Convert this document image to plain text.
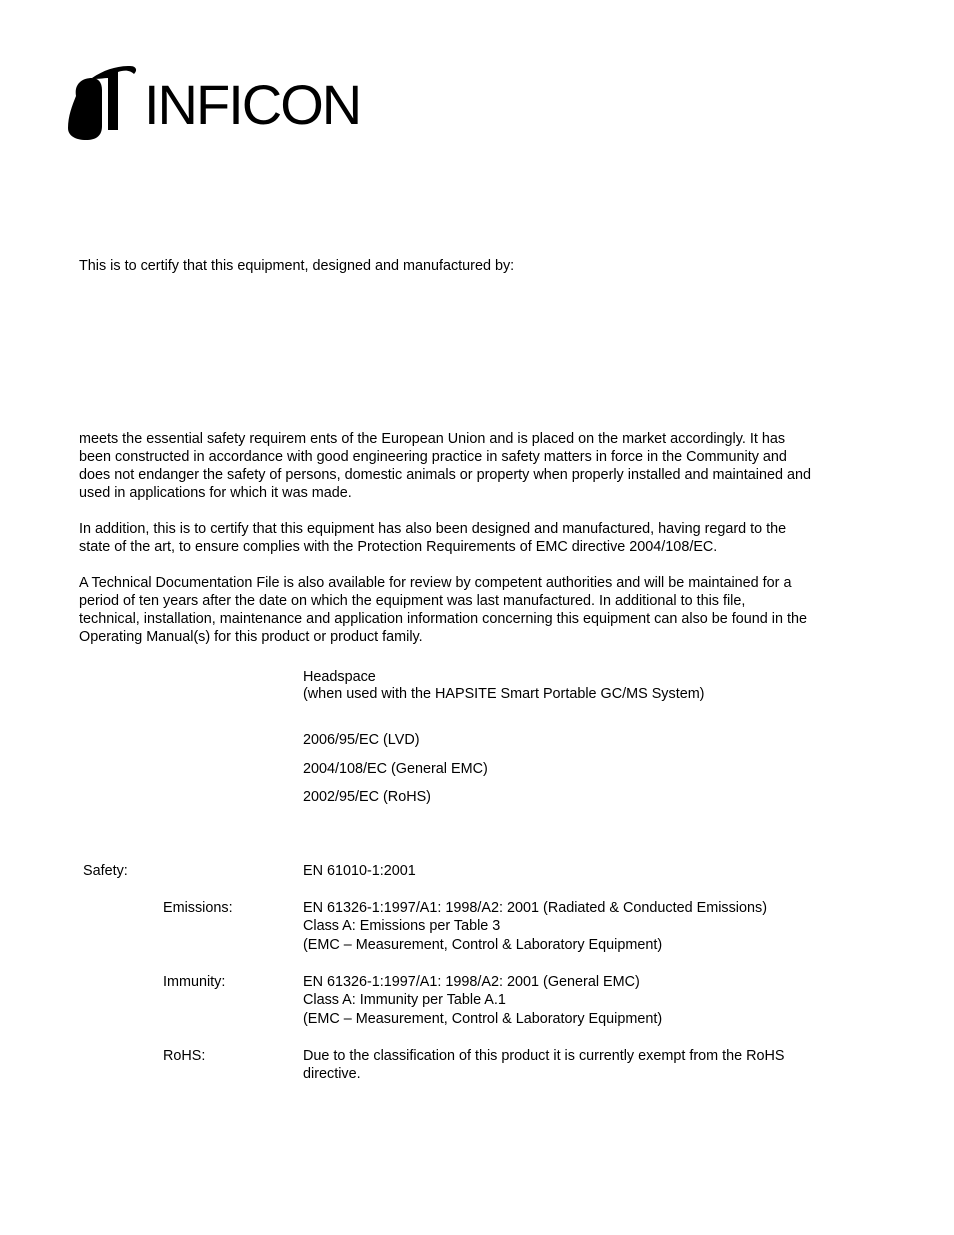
INFICON
This is to certify that this equipment, designed and manufactured by:
meets the essential safety requirem ents of the European Union and is placed on the market accordingly. It has
been constructed in accordance with good engineering practice in safety matters in force in the Community and
does not endanger the safety of persons, domestic animals or property when properly installed and maintained and
used in applications for which it was made.
In addition, this is to certify that this equipment has also been designed and manufactured, having regard to the
state of the art, to ensure complies with the Protection Requirements of EMC directive 2004/108/EC.
A Technical Documentation File is also available for review by competent authorities and will be maintained for a
period of ten years after the date on which the equipment was last manufactured. In additional to this file,
technical, installation, maintenance and application information concerning this equipment can also be found in the
Operating Manual(s) for this product or product family.
Headspace
(when used with the HAPSITE Smart Portable GC/MS System)
2006/95/EC (LVD)
2004/108/EC (General EMC)
2002/95/EC (RoHS)
Safety:	EN 61010-1:2001
Emissions:	EN 61326-1:1997/A1: 1998/A2: 2001 (Radiated & Conducted Emissions)
Class A: Emissions per Table 3
(EMC – Measurement, Control & Laboratory Equipment)
Immunity:	EN 61326-1:1997/A1: 1998/A2: 2001 (General EMC)
Class A: Immunity per Table A.1
(EMC – Measurement, Control & Laboratory Equipment)
RoHS:	Due to the classification of this product it is currently exempt from the RoHS
directive.
